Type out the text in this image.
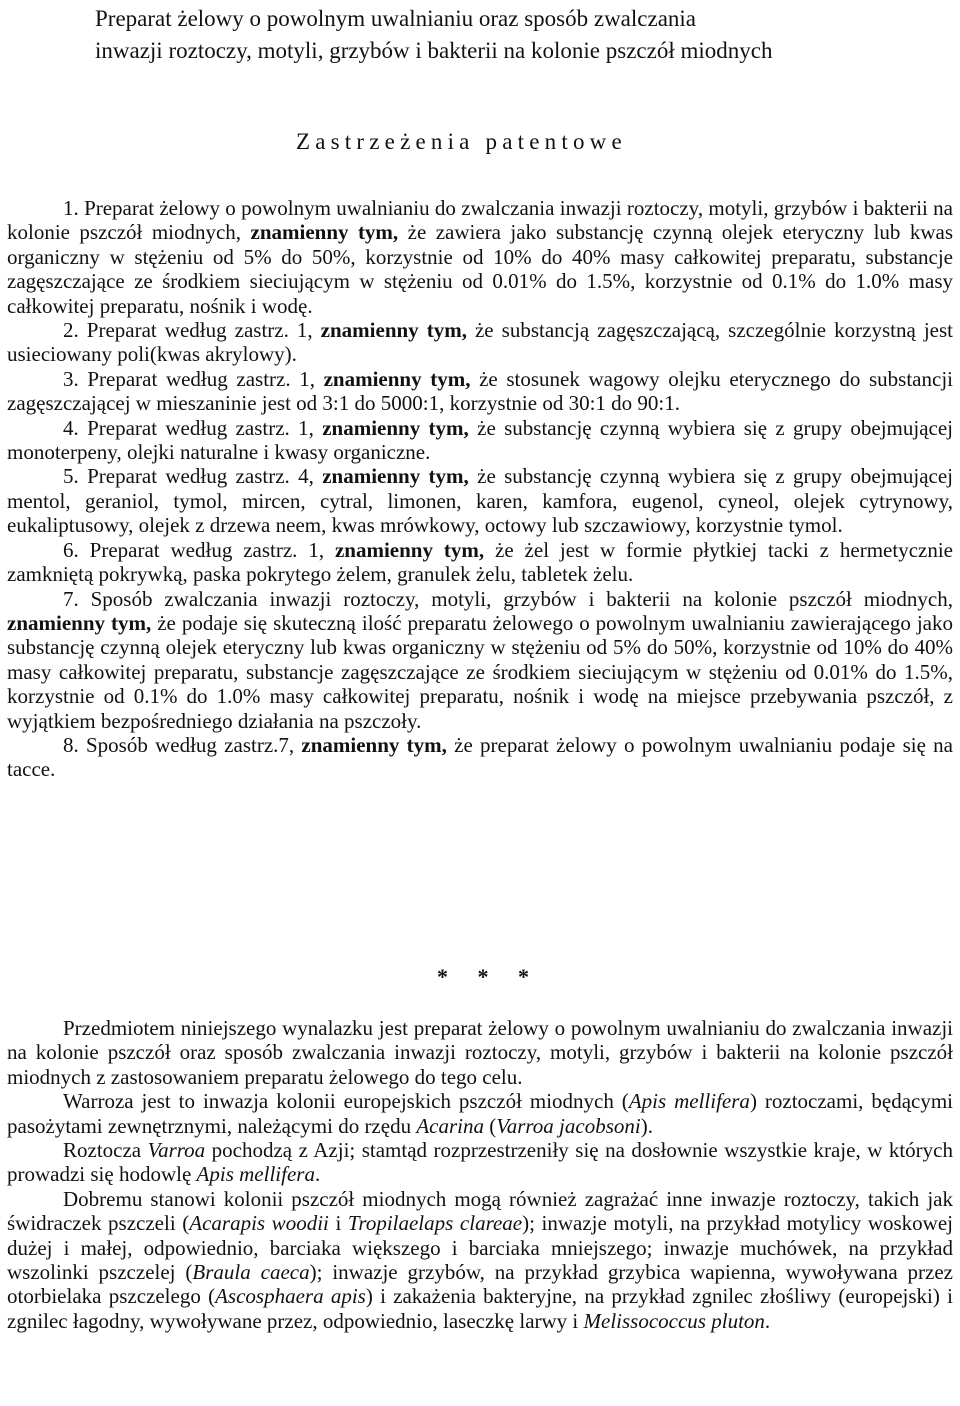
Preparat żelowy o powolnym uwalnianiu oraz sposób zwalczania
inwazji roztoczy, motyli, grzybów i bakterii na kolonie pszczół miodnych
Zastrzeżenia patentowe

1. Preparat żelowy o powolnym uwalnianiu do zwalczania inwazji roztoczy, motyli, grzybów i bakterii na kolonie pszczół miodnych, znamienny tym, że zawiera jako substancję czynną olejek eteryczny lub kwas organiczny w stężeniu od 5% do 50%, korzystnie od 10% do 40% masy całkowitej preparatu, substancje zagęszczające ze środkiem sieciującym w stężeniu od 0.01% do 1.5%, korzystnie od 0.1% do 1.0% masy całkowitej preparatu, nośnik i wodę.

2. Preparat według zastrz. 1, znamienny tym, że substancją zagęszczającą, szczególnie korzystną jest usieciowany poli(kwas akrylowy).

3. Preparat według zastrz. 1, znamienny tym, że stosunek wagowy olejku eterycznego do substancji zagęszczającej w mieszaninie jest od 3:1 do 5000:1, korzystnie od 30:1 do 90:1.

4. Preparat według zastrz. 1, znamienny tym, że substancję czynną wybiera się z grupy obejmującej monoterpeny, olejki naturalne i kwasy organiczne.

5. Preparat według zastrz. 4, znamienny tym, że substancję czynną wybiera się z grupy obejmującej mentol, geraniol, tymol, mircen, cytral, limonen, karen, kamfora, eugenol, cyneol, olejek cytrynowy, eukaliptusowy, olejek z drzewa neem, kwas mrówkowy, octowy lub szczawiowy, korzystnie tymol.

6. Preparat według zastrz. 1, znamienny tym, że żel jest w formie płytkiej tacki z hermetycznie zamkniętą pokrywką, paska pokrytego żelem, granulek żelu, tabletek żelu.

7. Sposób zwalczania inwazji roztoczy, motyli, grzybów i bakterii na kolonie pszczół miodnych, znamienny tym, że podaje się skuteczną ilość preparatu żelowego o powolnym uwalnianiu zawierającego jako substancję czynną olejek eteryczny lub kwas organiczny w stężeniu od 5% do 50%, korzystnie od 10% do 40% masy całkowitej preparatu, substancje zagęszczające ze środkiem sieciującym w stężeniu od 0.01% do 1.5%, korzystnie od 0.1% do 1.0% masy całkowitej preparatu, nośnik i wodę na miejsce przebywania pszczół, z wyjątkiem bezpośredniego działania na pszczoły.

8. Sposób według zastrz.7, znamienny tym, że preparat żelowy o powolnym uwalnianiu podaje się na tacce.

* * *

Przedmiotem niniejszego wynalazku jest preparat żelowy o powolnym uwalnianiu do zwalczania inwazji na kolonie pszczół oraz sposób zwalczania inwazji roztoczy, motyli, grzybów i bakterii na kolonie pszczół miodnych z zastosowaniem preparatu żelowego do tego celu.

Warroza jest to inwazja kolonii europejskich pszczół miodnych (Apis mellifera) roztoczami, będącymi pasożytami zewnętrznymi, należącymi do rzędu Acarina (Varroa jacobsoni).

Roztocza Varroa pochodzą z Azji; stamtąd rozprzestrzeniły się na dosłownie wszystkie kraje, w których prowadzi się hodowlę Apis mellifera.

Dobremu stanowi kolonii pszczół miodnych mogą również zagrażać inne inwazje roztoczy, takich jak świdraczek pszczeli (Acarapis woodii i Tropilaelaps clareae); inwazje motyli, na przykład motylicy woskowej dużej i małej, odpowiednio, barciaka większego i barciaka mniejszego; inwazje muchówek, na przykład wszolinki pszczelej (Braula caeca); inwazje grzybów, na przykład grzybica wapienna, wywoływana przez otorbielaka pszczelego (Ascosphaera apis) i zakażenia bakteryjne, na przykład zgnilec złośliwy (europejski) i zgnilec łagodny, wywoływane przez, odpowiednio, laseczkę larwy i Melissococcus pluton.
